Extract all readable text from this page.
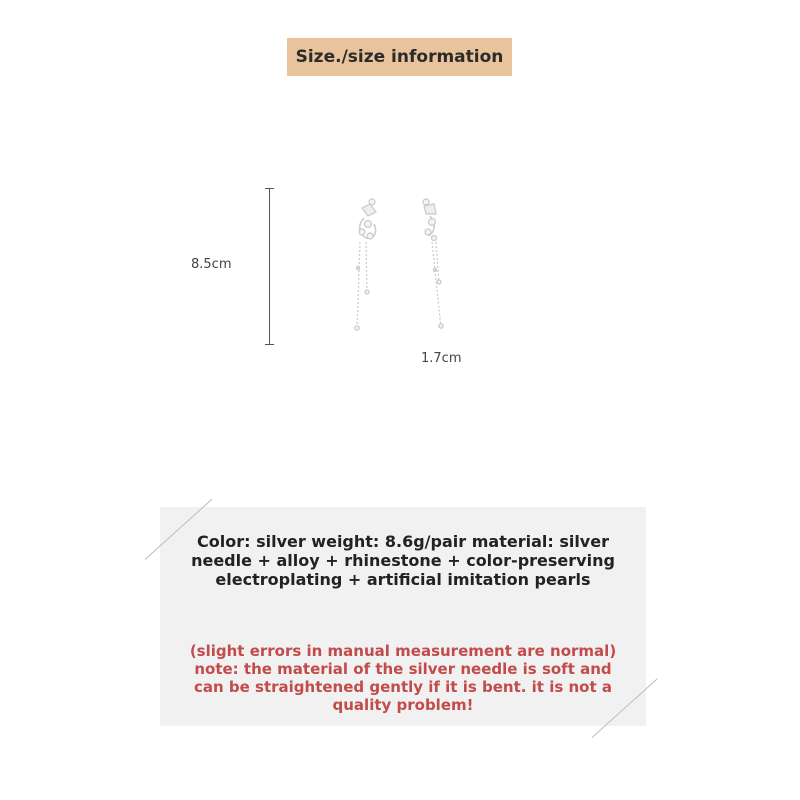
Size./size information
8.5cm
1.7cm
Color: silver weight: 8.6g/pair material: silver needle + alloy + rhinestone + color-preserving electroplating + artificial imitation pearls
(slight errors in manual measurement are normal) note: the material of the silver needle is soft and can be straightened gently if it is bent. it is not a quality problem!
